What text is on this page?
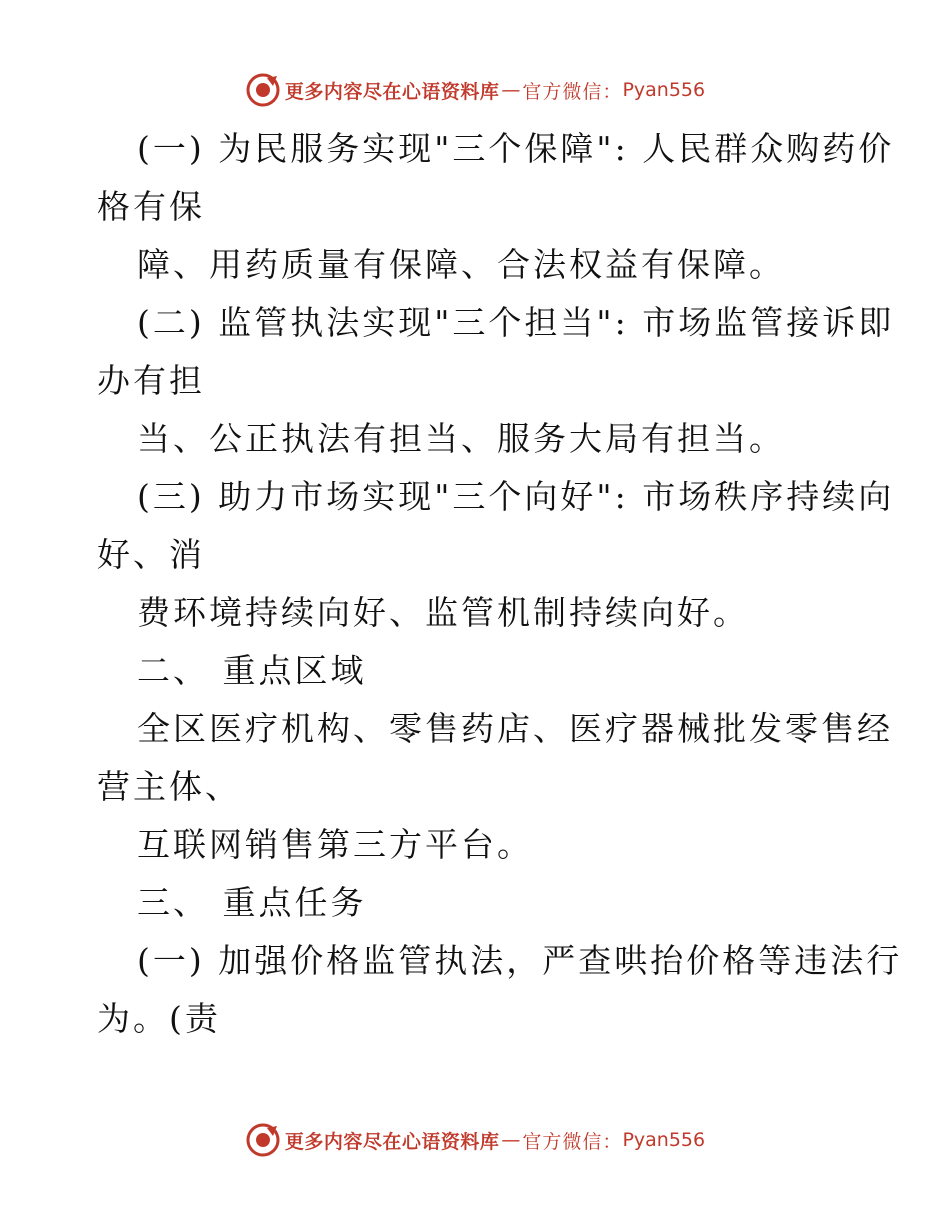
更多内容尽在心语资料库 — 官方微信： Pyan556
(一) 为民服务实现"三个保障": 人民群众购药价
格有保
障、用药质量有保障、合法权益有保障。
(二) 监管执法实现"三个担当": 市场监管接诉即
办有担
当、公正执法有担当、服务大局有担当。
(三) 助力市场实现"三个向好": 市场秩序持续向
好、消
费环境持续向好、监管机制持续向好。
二、 重点区域
全区医疗机构、零售药店、医疗器械批发零售经
营主体、
互联网销售第三方平台。
三、 重点任务
(一) 加强价格监管执法，严查哄抬价格等违法行
为。(责
更多内容尽在心语资料库 — 官方微信： Pyan556
